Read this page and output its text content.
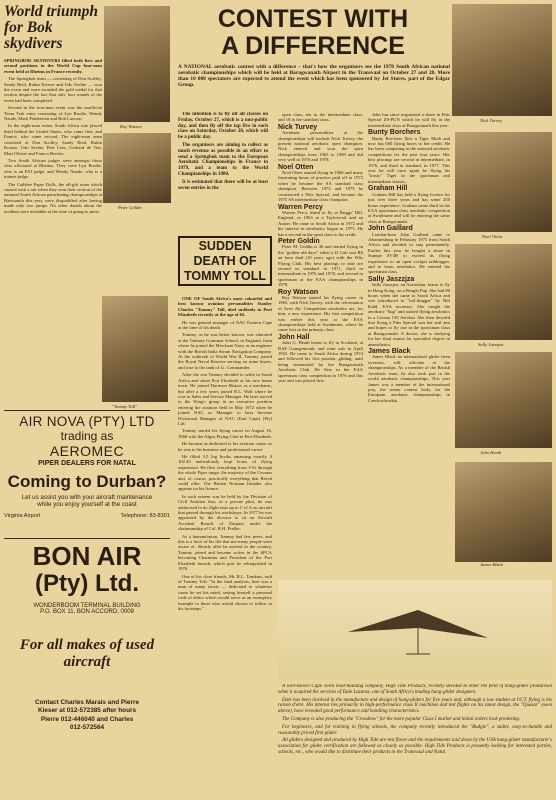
World triumph for Bok skydivers
SPRINGBOK SKYDIVERS filled both first and second positions in the World Cup four-man event held at Rheims in France recently.

The Springbok team — consisting of Don Scolley, Sandy Reid, Rubin Kroeze and Udo Sechte — won the event and were awarded the gold medal for that section despite the fact that only four rounds of the event had been completed.

Second in the four-man event was the unofficial Team Trek entry consisting of Lyn Brodie, Wendy Naude, Mark Pemberton and Rob Lawson.

In the eight-man event, South Africa was placed third behind the United States, who came first, and France, who came second. The eight-man team consisted of Don Scolley, Sandy Reid, Rubin Kroeze, Udo Sechte, Pete Lees, Gerhard de Voit, Mart Olivier and Franco Bresler.

Two South African judges were amongst those who officiated at Rheims. They were Lyn Brodie, who is an FAI judge, and Wendy Naude, who is a trainee judge.

The Cathbee Paper Dolls, the all-girl team which caused such a stir when they won their section of the national South African parachuting championships at Harrismith this year, were disqualified after having made only two jumps. No other details about the incident were available at the time of going to press.

Roy Watson
Peter Goldin
"Tommy Toll"
AIR NOVA (PTY) LTD
trading as
AEROMEC
PIPER DEALERS FOR NATAL
Coming to Durban?
Let us assist you with your aircraft maintenance while you enjoy yourself at the coast
Virginia Airport	Telephone: 83-8301
BON AIR
(Pty) Ltd.
WONDERBOOM TERMINAL BUILDING
P.O. BOX 11, BON ACCORD, 0009
For all makes of used aircraft
Contact Charles Marais and Pierre Kieser at 012-572385 after hours Pierre 012-446040 and Charles 012-572564
CONTEST WITH
A DIFFERENCE
Nick Turvey
A NATIONAL aerobatic contest with a difference – that's how the organisers see the 1978 South African national aerobatic championships which will be held at Baragwanath Airport in the Transvaal on October 27 and 28. More than 10 000 spectators are expected to attend the event which has been sponsored by Jet Stores, part of the Edgar Group.

The intention is to fly off all classes on Friday, October 27, which is a non-public day, and then fly off the top five in each class on Saturday, October 28, which will be a public day.

The organisers are aiming to collect as much revenue as possible in an effort to send a Springbok team to the European Aerobatic Championships in France in 1979, and a team to the World Championships in 1980.

It is estimated that there will be at least seven entries in the

open class, ten in the intermediate class, and 18 in the standard class.

Nick Turvey

Aerobatic personalities at the championships will include Nick Turvey, the present national aerobatic open champion. Nick entered and won the open championships from 1965 to 1969 and did very well in 1976 and 1978.

Noel Otten

Noel Otten started flying in 1966 and many frustrating hours of practice paid off in 1972 when he became the SA standard class champion. Between 1972 and 1975 he constructed a Pitts Special, and became the 1975 SA intermediate class champion.

Warren Percy

Warren Percy learnt to fly at Briggs' Hill, England, in 1963 at a Taylorcraft and an Auster. He came to South Africa in 1972 and his interest in aerobatics began in 1975. He has a second in the open class to his credit.

Peter Goldin

Peter M. Goldin is 36 and started flying in the "golden old days" when a J3 Cub cost R6 an hour dual (10 years ago) with the Wits Flying Club. His best placings to date are second in standard in 1971, third in intermediate in 1976 and 1978, and second in sportsman at the EAA championships in 1978.

Roy Watson

Roy Watson started his flying career in 1965, with Nick Turvey, with the reformation of Avex Air. Competition aerobatics are, for him, a new experience. His first competition was earlier this year at the EAA championships held at Swinburne, where he came first in the primary class.

John Hall

John G. Heath learnt to fly in Scotland, at RAF Grangemouth, and went solo in April 1953. He came to South Africa during 1974 and followed his first passion, gliding, until being enamoured by the Baragwanath Aerobatic Club. He flew in the EAA sportsman class competition in 1976 and this year and was placed first.

John has since negotiated a share in Pitts Special ZS-PUN which he will fly in the intermediate class at Baragwanath this year.

Bunty Borchers

Bunty Borchers flies a Tiger Moth and now has 600 flying hours to her credit. He has been competing in the national aerobatic competitions for the past four years. Her best placings are second in intermediate, in 1976, and third in standard, in 1977. This year he will once again be flying his "trusty" Tiger in the sportsman and intermediate classes.

Graham Hill

Graham Hill has held a flying licence for just over three years and has some 250 hours experience. Graham came third in the EAA sportsman class aerobatic competition at Swinburne and will be entering the same class at Baragwanath.

John Gaillard

London-born John Gaillard came to Johannesburg in February 1975 from South Africa and decided to stay permanently. Earlier this year he bought a share in Stampe SV4B to exceed its flying experience to an open cockpit taildragger, and to learn aerobatics. He entered the sportsman class.

Sally Jaszzjza

Sally Jaszzjza, an Australian, learnt to fly in Hong Kong, on a Beagle Pup. She had 80 hours when she came to South Africa and was introduced to "tail-dragger" by Bill Kidd, EAA secretary. She caught the aerobatic "bug" and started flying aerobatics in a Cessna 150 Aerobat. She then decided that flying a Pitts Special was her real aim and hopes to fly one in the sportsman class at Baragwanath. A doctor, she is studying for her final exams for specialist degree in anaesthetics.

James Black

James Black an international glider from overseas, will officiate at the championships. As a member of the British Aerobatic team, he also took part in the world aerobatic championships. This year James was a member of the international jury, the senior contest body, for the European aerobatic championships in Czechoslovakia.

Noel Otten
Sally Jaszzjza
John Heath
James Black
SUDDEN DEATH OF TOMMY TOLL

ONE OF South Africa's most colourful and best known aviation personalities Stanley Charles "Tommy" Toll, died suddenly in Port Elizabeth recently at the age of 65.

He was general manager of NAC Eastern Cape at the time of his death.

Tommy, as he was better known, was educated at the Tenbury Grammar School, in England, from where he joined the Merchant Navy as an engineer with the British India Steam Navigation Company. At the outbreak of World War II, Tommy joined the Royal Naval Reserve serving on mine layers, and rose to the rank of Lt. Commander.

After the war Tommy decided to settle in South Africa and chose Port Elizabeth as his new home town. He joined Harrison Motors as a mechanic, but after a few years joined R.L. Wall where he rose to Sales and Service Manager. He later moved to the Wing's group in an executive position entering the aviation field in May 1972 when he joined NAC as Manager to later become Divisional Manager of NAC (East Cape) (Pty) Ltd.

Tommy started his flying career on August 16, 1968 with the Algoa Flying Club in Port Elizabeth.

He became as dedicated to his aviation career as he was to his business and professional career.

He filled 3,5 log books amassing exactly 4 102.40 meticulously kept hours of flying experience. He flew everything from J-3's through the whole Piper range, the majority of the Cessnas and, of course, practically everything that Beech could offer. The Britten Norman Islander also appears on his licence.

In such esteem was he held by the Division of Civil Aviation that, as a private pilot, he was authorised to do flight tests up to C of A on aircraft that passed through his workshops. In 1977 he was appointed by the director to sit on Aircraft Accident Boards of Enquiry under the chairmanship of Col. R.H. Preller.

As a humanitarian, Tommy had few peers, and this is a facet of his life that not many people were aware of. Shortly after he arrived in the country, Tommy joined and became active in the SPCA becoming Chairman and President of the Port Elizabeth branch, which post he relinquished in 1976.

One of his close friends, Mr. B.L. Tomkins, said of Tommy Toll: "In the final analysis, here was a man of many facets — dedicated to whatever cause he set his mind, setting himself a personal code of ethics which would serve as an exemplary example to those who would choose to follow in his footsteps."

A well-known Cape Town boat-building company, High Tide Products, recently decided to enter the field of hang-glider production when it acquired the services of Dale Lazarus, one of South Africa's leading hang-glider designers.

Dale has been involved in the manufacture and design of hang-gliders for five years and, although a law student at UCT, flying is his raison d'etre. His interest lies primarily in high-performance class II machines and test flights on his latest design, the "Quasar" (seen above), have revealed good performance and handling characteristics.

The Company is also producing the "Crossbow" for the more popular Class I market and initial orders look promising.

For beginners, and for training in flying schools, the company recently introduced the "Budgie", a stable, easy-to-handle and reasonably priced first glider.

All gliders designed and produced by High Tide are test flown and the requirements laid down by the USA hang-glider manufacturer's association for glider certification are followed as closely as possible. High Tide Products is presently looking for interested parties, schools, etc., who would like to distribute their products in the Transvaal and Natal.
